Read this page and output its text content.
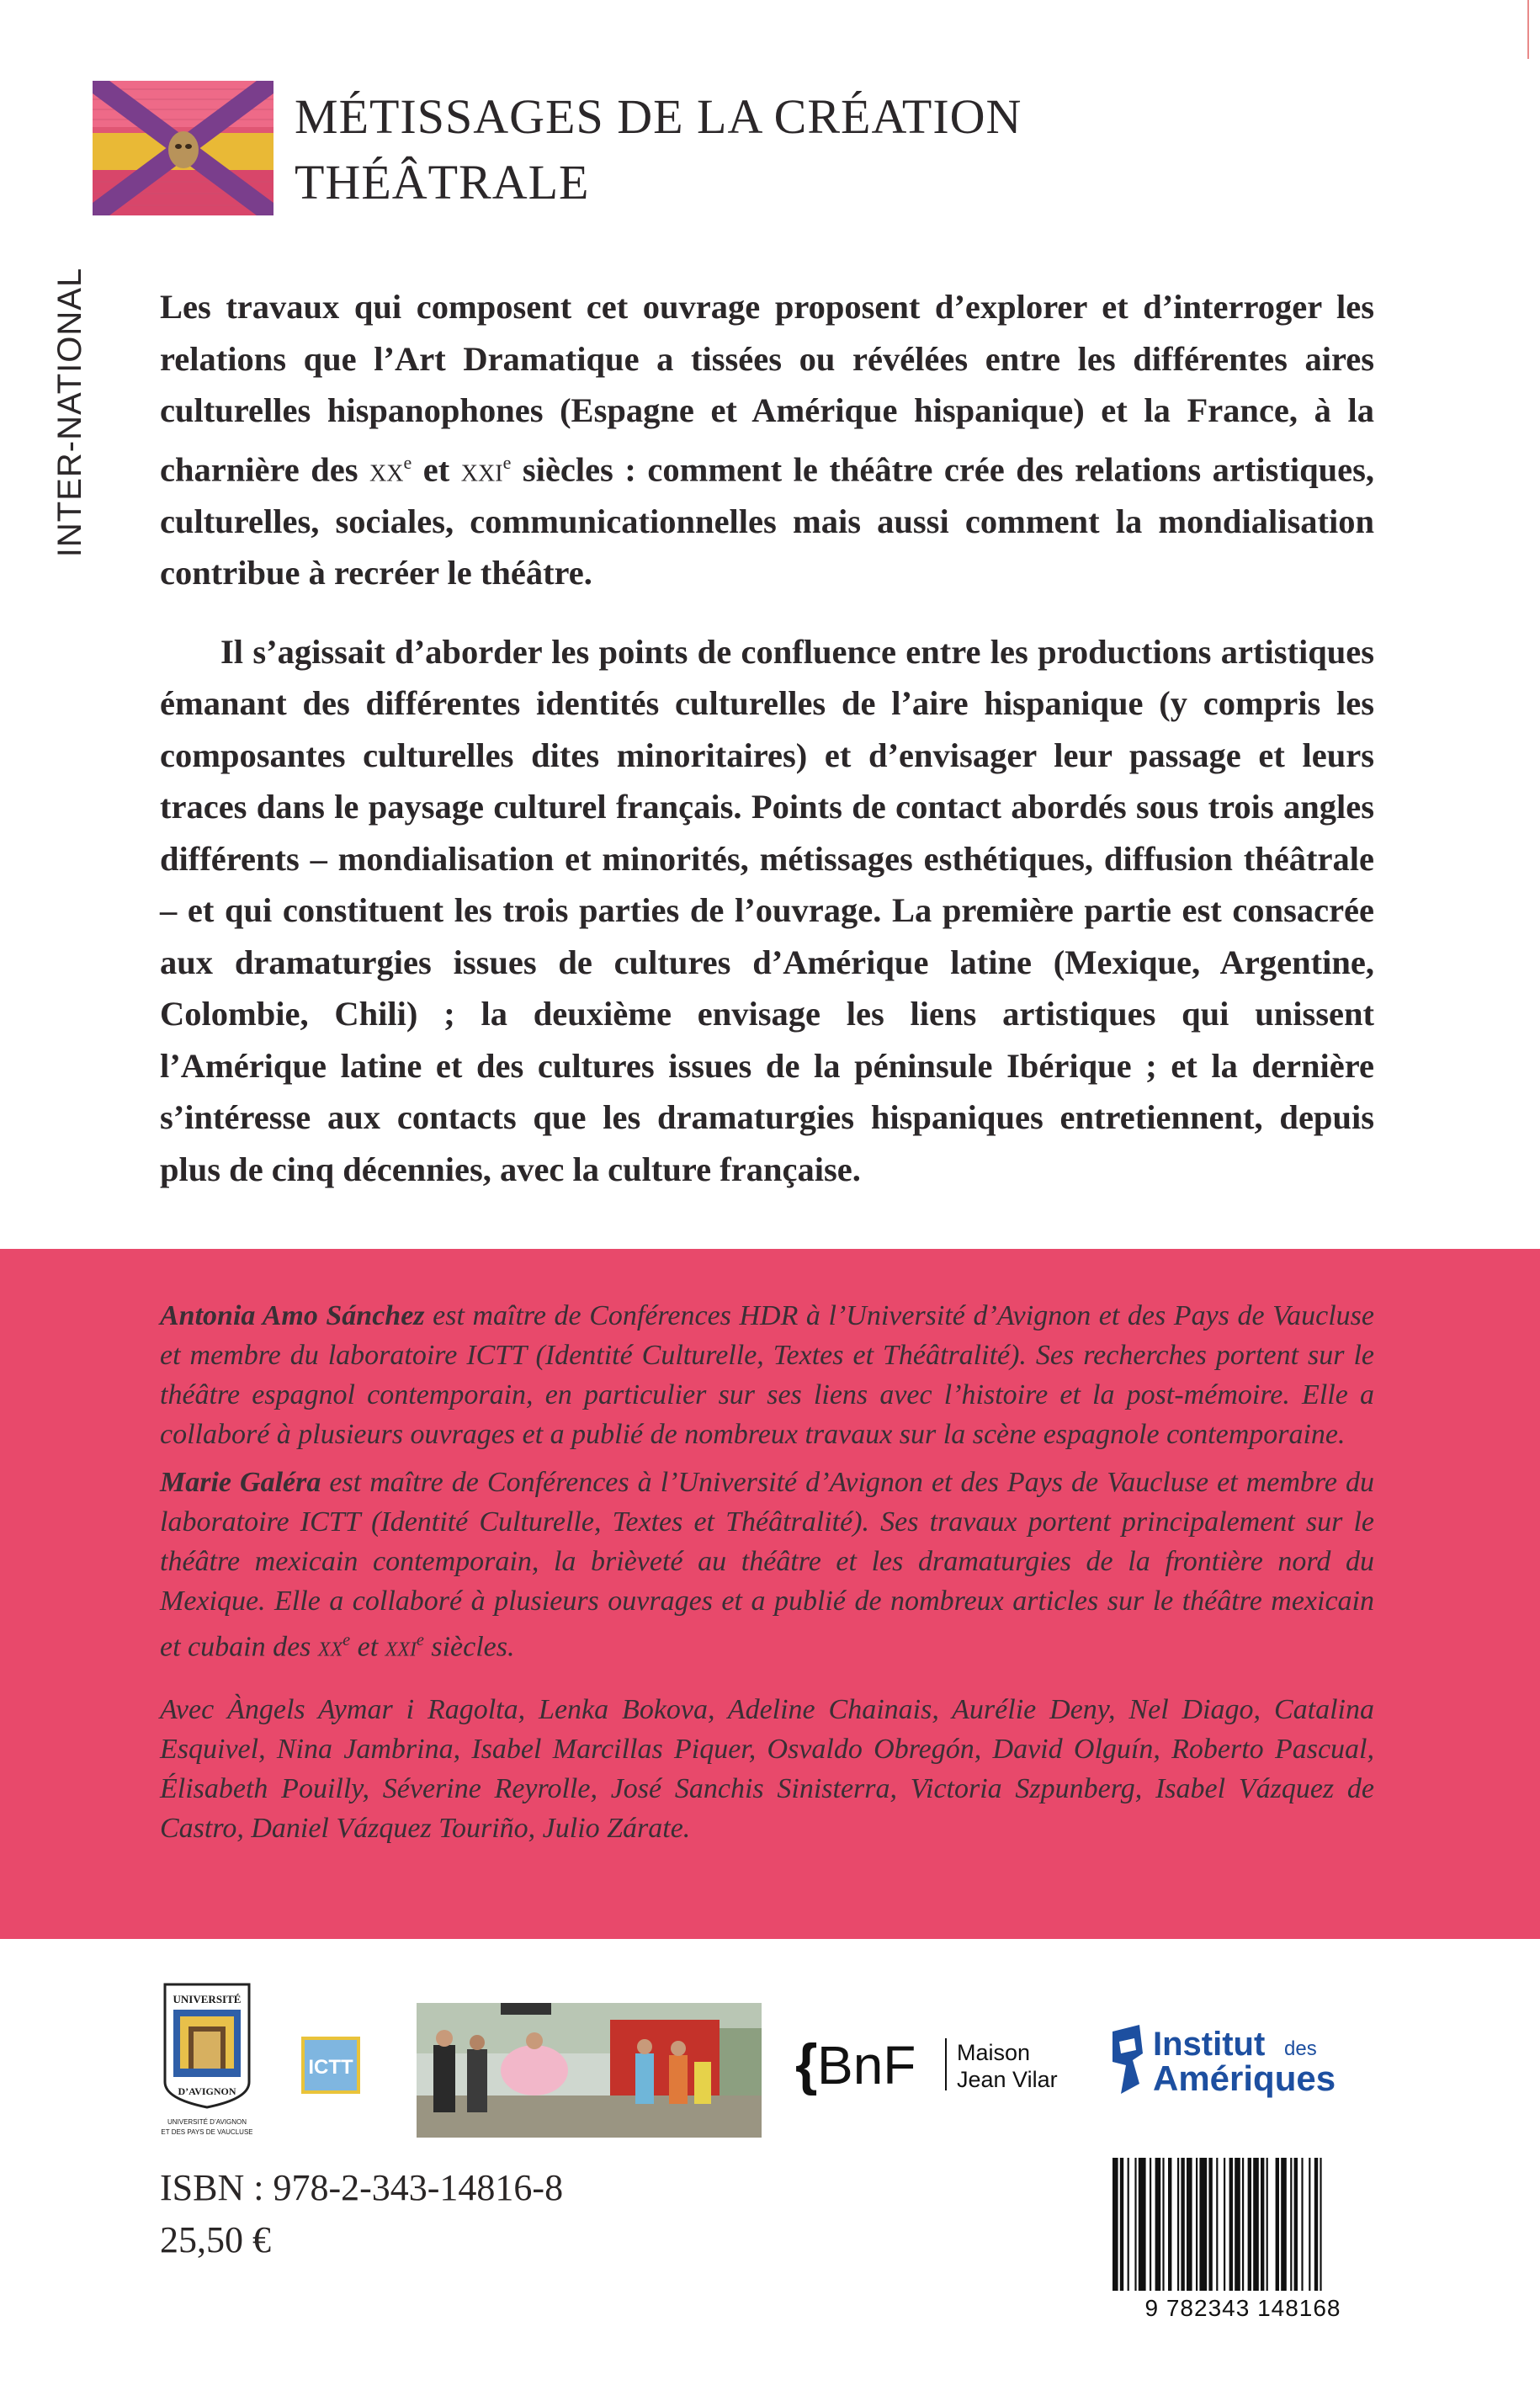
MÉTISSAGES DE LA CRÉATION
THÉÂTRALE
INTER-NATIONAL	Les travaux qui composent cet ouvrage proposent d’explorer et d’interroger les relations que l’Art Dramatique a tissées ou révélées entre les différentes aires culturelles hispanophones (Espagne et Amérique hispanique) et la France, à la charnière des $xx^e$ et xxi$^e$ siècles : comment le théâtre crée des relations artistiques, culturelles, sociales, communicationnelles mais aussi comment la mondialisation contribue à recréer le théâtre.

Il s’agissait d’aborder les points de confluence entre les productions artistiques émanant des différentes identités culturelles de l’aire hispanique (y compris les composantes culturelles dites minoritaires) et d’envisager leur passage et leurs traces dans le paysage culturel français. Points de contact abordés sous trois angles différents – mondialisation et minorités, métissages esthétiques, diffusion théâtrale – et qui constituent les trois parties de l’ouvrage. La première partie est consacrée aux dramaturgies issues de cultures d’Amérique latine (Mexique, Argentine, Colombie, Chili) ; la deuxième envisage les liens artistiques qui unissent l’Amérique latine et des cultures issues de la péninsule Ibérique ; et la dernière s’intéresse aux contacts que les dramaturgies hispaniques entretiennent, depuis plus de cinq décennies, avec la culture française.

Antonia Amo Sánchez est maître de Conférences HDR à l’Université d’Avignon et des Pays de Vaucluse et membre du laboratoire ICTT (Identité Culturelle, Textes et Théâtralité). Ses recherches portent sur le théâtre espagnol contemporain, en particulier sur ses liens avec l’histoire et la post-mémoire. Elle a collaboré à plusieurs ouvrages et a publié de nombreux travaux sur la scène espagnole contemporaine.

Marie Galéra est maître de Conférences à l’Université d’Avignon et des Pays de Vaucluse et membre du laboratoire ICTT (Identité Culturelle, Textes et Théâtralité). Ses travaux portent principalement sur le théâtre mexicain contemporain, la brièveté au théâtre et les dramaturgies de la frontière nord du Mexique. Elle a collaboré à plusieurs ouvrages et a publié de nombreux articles sur le théâtre mexicain et cubain des $xx^e$ et xxi$^e$ siècles.

Avec Àngels Aymar i Ragolta, Lenka Bokova, Adeline Chainais, Aurélie Deny, Nel Diago, Catalina Esquivel, Nina Jambrina, Isabel Marcillas Piquer, Osvaldo Obregón, David Olguín, Roberto Pascual, Élisabeth Pouilly, Séverine Reyrolle, José Sanchis Sinisterra, Victoria Szpunberg, Isabel Vázquez de Castro, Daniel Vázquez Touriño, Julio Zárate.

UNIVERSITÉ
D’AVIGNON
UNIVERSITÉ D’AVIGNON
ET DES PAYS DE VAUCLUSE
ICTT	{ BnF Maison
Jean Vilar
Institut des
Amériques
ISBN : 978-2-343-14816-8
25,50 €
9 782343 148168
